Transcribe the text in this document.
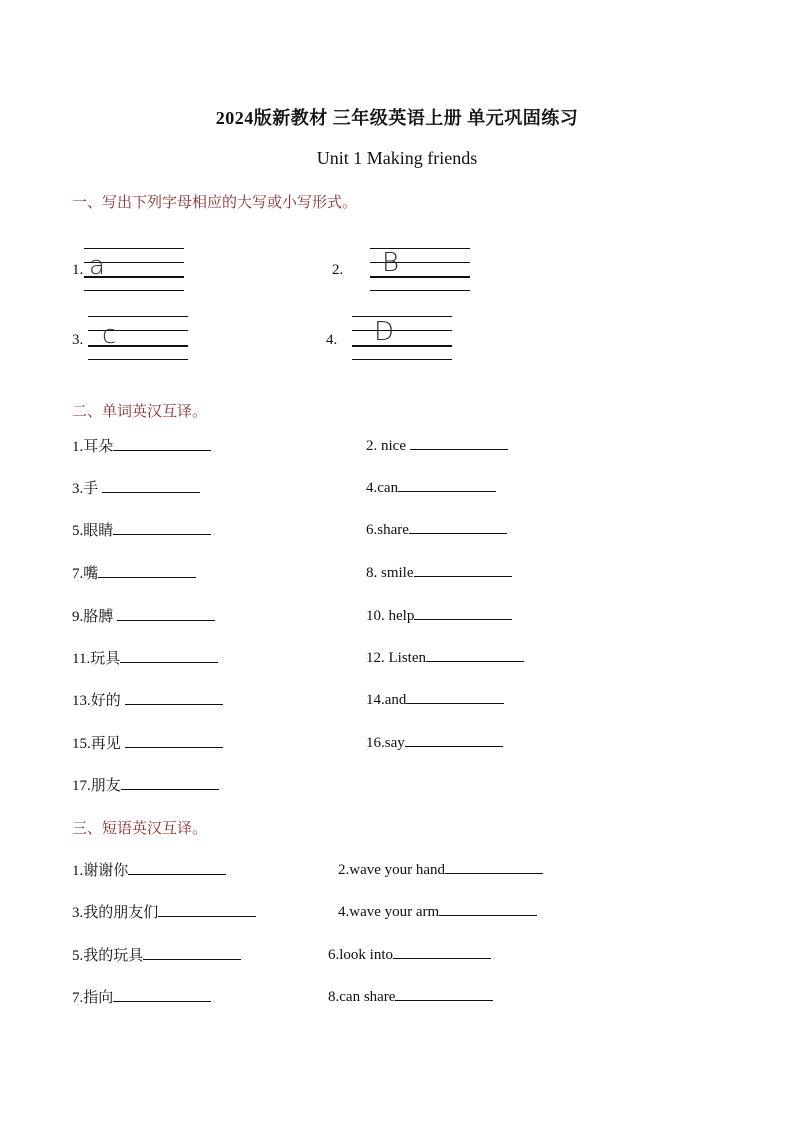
2024版新教材 三年级英语上册 单元巩固练习
Unit 1 Making friends
一、写出下列字母相应的大写或小写形式。
1. a	2. B
3. c	4. D
二、单词英汉互译。
1.耳朵	2. nice
3.手	4.can
5.眼睛	6.share
7.嘴	8. smile
9.胳膊	10. help
11.玩具	12. Listen
13.好的	14.and
15.再见	16.say
17.朋友
三、短语英汉互译。
1.谢谢你	2.wave your hand
3.我的朋友们	4.wave your arm
5.我的玩具	6.look into
7.指向	8.can share
